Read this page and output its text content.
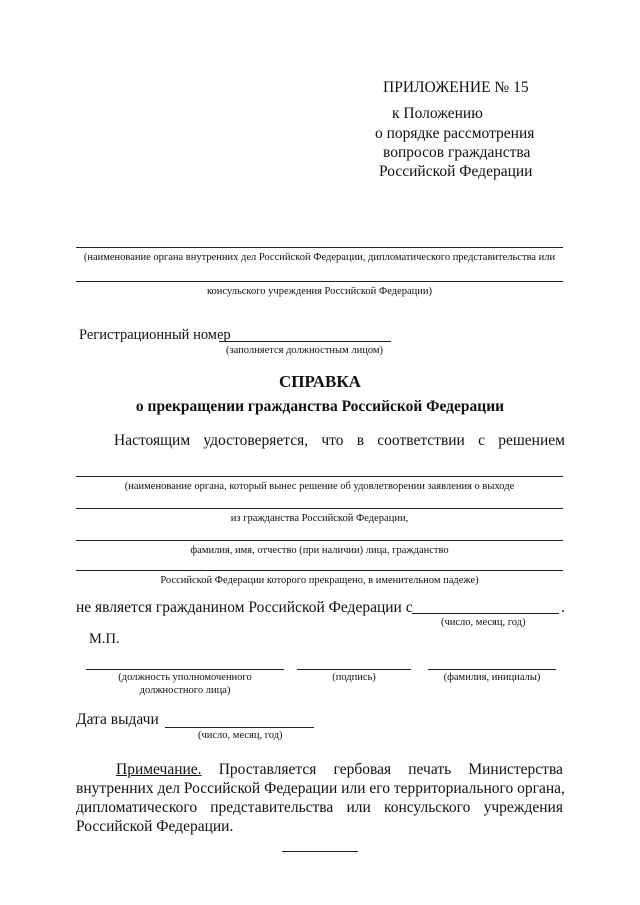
ПРИЛОЖЕНИЕ № 15
к Положению
о порядке рассмотрения
вопросов гражданства
Российской Федерации
(наименование органа внутренних дел Российской Федерации, дипломатического представительства или
консульского учреждения Российской Федерации)
Регистрационный номер
(заполняется должностным лицом)
СПРАВКА
о прекращении гражданства Российской Федерации
Настоящим удостоверяется, что в соответствии с решением
(наименование органа, который вынес решение об удовлетворении заявления о выходе
из гражданства Российской Федерации,
фамилия, имя, отчество (при наличии) лица, гражданство
Российской Федерации которого прекращено, в именительном падеже)
не является гражданином Российской Федерации с	.
(число, месяц, год)
М.П.
(должность уполномоченного
должностного лица)
(подпись)	(фамилия, инициалы)
Дата выдачи
(число, месяц, год)
Примечание. Проставляется гербовая печать Министерства
внутренних дел Российской Федерации или его территориального органа,
дипломатического представительства или консульского учреждения
Российской Федерации.
